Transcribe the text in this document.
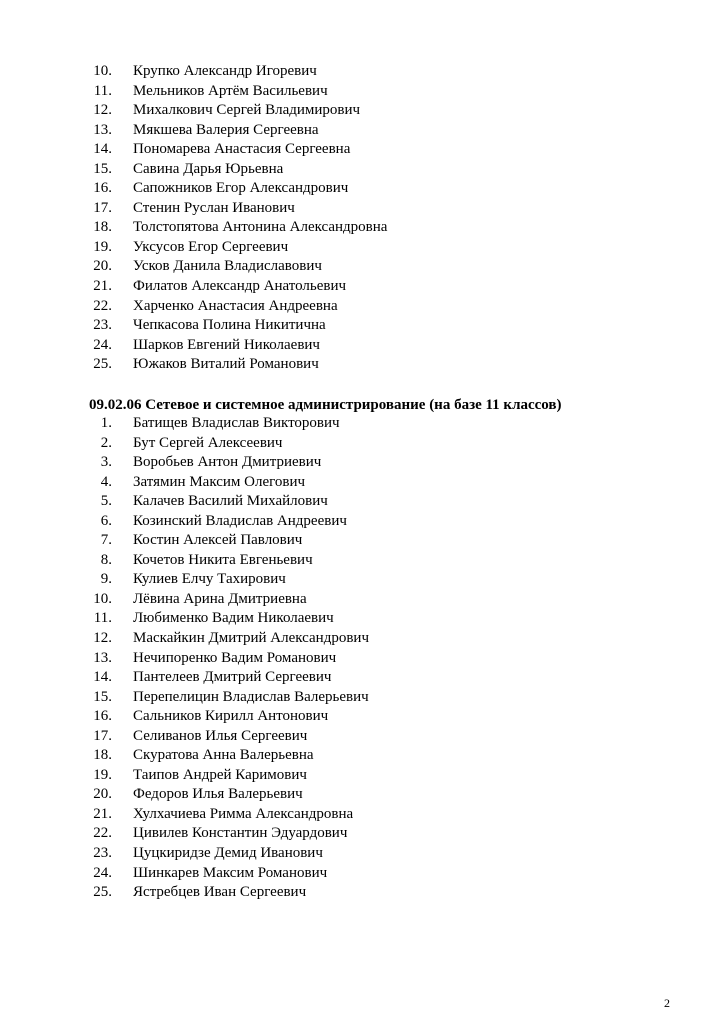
10. Крупко Александр Игоревич
11. Мельников Артём Васильевич
12. Михалкович Сергей Владимирович
13. Мякшева Валерия Сергеевна
14. Пономарева Анастасия Сергеевна
15. Савина Дарья Юрьевна
16. Сапожников Егор Александрович
17. Стенин Руслан Иванович
18. Толстопятова Антонина Александровна
19. Уксусов Егор Сергеевич
20. Усков Данила Владиславович
21. Филатов Александр Анатольевич
22. Харченко Анастасия Андреевна
23. Чепкасова Полина Никитична
24. Шарков Евгений Николаевич
25. Южаков Виталий Романович
09.02.06 Сетевое и системное администрирование (на базе 11 классов)
1. Батищев Владислав Викторович
2. Бут Сергей Алексеевич
3. Воробьев Антон Дмитриевич
4. Затямин Максим Олегович
5. Калачев Василий Михайлович
6. Козинский Владислав Андреевич
7. Костин Алексей Павлович
8. Кочетов Никита Евгеньевич
9. Кулиев Елчу Тахирович
10. Лёвина Арина Дмитриевна
11. Любименко Вадим Николаевич
12. Маскайкин Дмитрий Александрович
13. Нечипоренко Вадим Романович
14. Пантелеев Дмитрий Сергеевич
15. Перепелицин Владислав Валерьевич
16. Сальников Кирилл Антонович
17. Селиванов Илья Сергеевич
18. Скуратова Анна Валерьевна
19. Таипов Андрей Каримович
20. Федоров Илья Валерьевич
21. Хулхачиева Римма Александровна
22. Цивилев Константин Эдуардович
23. Цуцкиридзе Демид Иванович
24. Шинкарев Максим Романович
25. Ястребцев Иван Сергеевич
2
